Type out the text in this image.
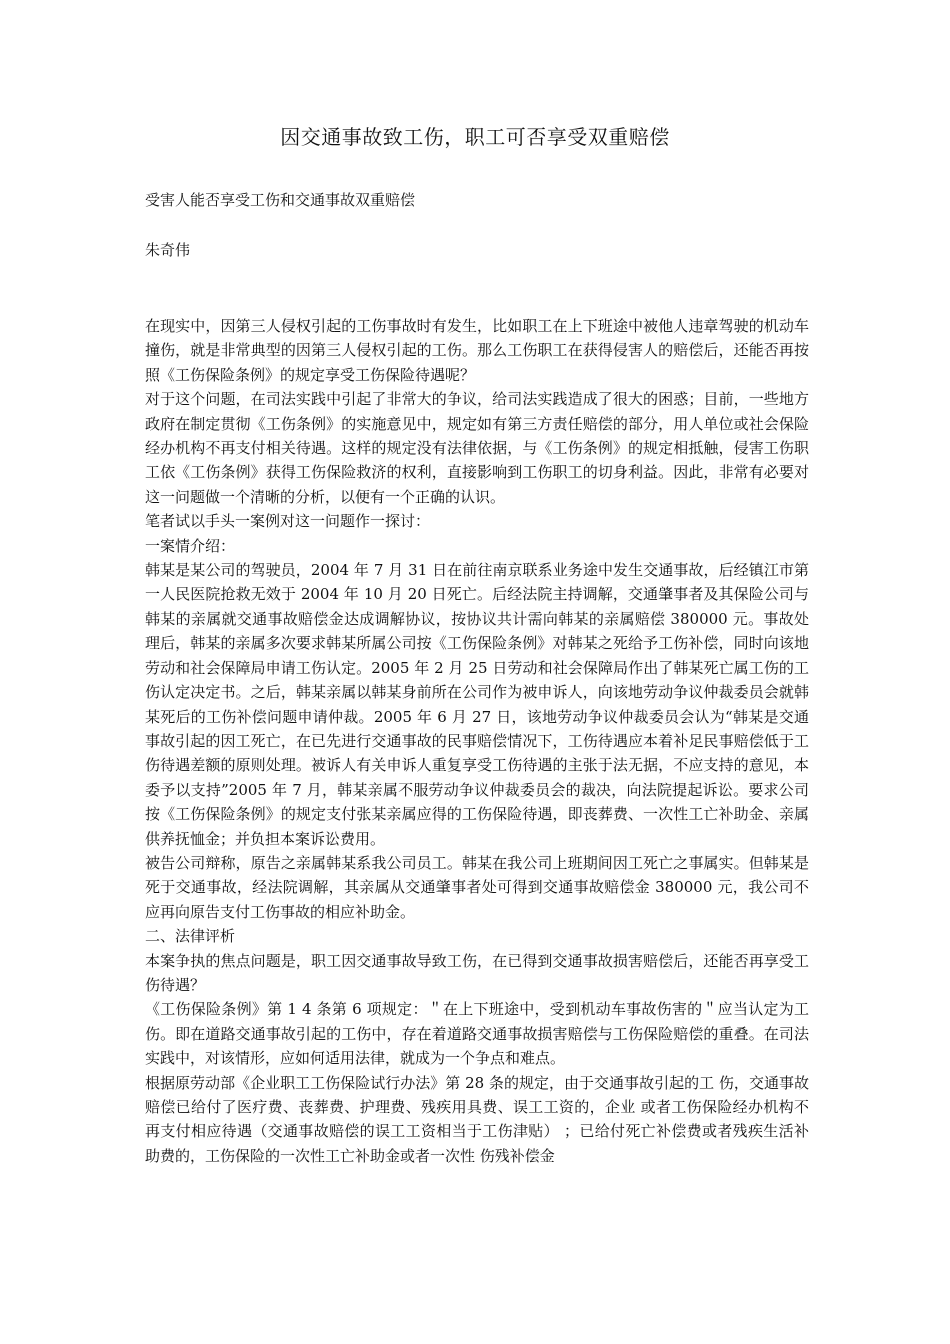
因交通事故致工伤，职工可否享受双重赔偿
受害人能否享受工伤和交通事故双重赔偿
朱奇伟

在现实中，因第三人侵权引起的工伤事故时有发生，比如职工在上下班途中被他人违章驾驶的机动车撞伤，就是非常典型的因第三人侵权引起的工伤。那么工伤职工在获得侵害人的赔偿后，还能否再按照《工伤保险条例》的规定享受工伤保险待遇呢？

对于这个问题，在司法实践中引起了非常大的争议，给司法实践造成了很大的困惑；目前，一些地方政府在制定贯彻《工伤条例》的实施意见中，规定如有第三方责任赔偿的部分，用人单位或社会保险经办机构不再支付相关待遇。这样的规定没有法律依据，与《工伤条例》的规定相抵触，侵害工伤职工依《工伤条例》获得工伤保险救济的权利，直接影响到工伤职工的切身利益。因此，非常有必要对这一问题做一个清晰的分析，以便有一个正确的认识。

笔者试以手头一案例对这一问题作一探讨：

一案情介绍：

韩某是某公司的驾驶员，2004 年 7 月 31 日在前往南京联系业务途中发生交通事故，后经镇江市第一人民医院抢救无效于 2004 年 10 月 20 日死亡。后经法院主持调解，交通肇事者及其保险公司与韩某的亲属就交通事故赔偿金达成调解协议，按协议共计需向韩某的亲属赔偿 380000 元。事故处理后，韩某的亲属多次要求韩某所属公司按《工伤保险条例》对韩某之死给予工伤补偿，同时向该地劳动和社会保障局申请工伤认定。2005 年 2 月 25 日劳动和社会保障局作出了韩某死亡属工伤的工伤认定决定书。之后，韩某亲属以韩某身前所在公司作为被申诉人，向该地劳动争议仲裁委员会就韩某死后的工伤补偿问题申请仲裁。2005 年 6 月 27 日，该地劳动争议仲裁委员会认为“韩某是交通事故引起的因工死亡，在已先进行交通事故的民事赔偿情况下，工伤待遇应本着补足民事赔偿低于工伤待遇差额的原则处理。被诉人有关申诉人重复享受工伤待遇的主张于法无据，不应支持的意见，本委予以支持”2005 年 7 月，韩某亲属不服劳动争议仲裁委员会的裁决，向法院提起诉讼。要求公司按《工伤保险条例》的规定支付张某亲属应得的工伤保险待遇，即丧葬费、一次性工亡补助金、亲属供养抚恤金；并负担本案诉讼费用。

被告公司辩称，原告之亲属韩某系我公司员工。韩某在我公司上班期间因工死亡之事属实。但韩某是死于交通事故，经法院调解，其亲属从交通肇事者处可得到交通事故赔偿金 380000 元，我公司不应再向原告支付工伤事故的相应补助金。

二、法律评析

本案争执的焦点问题是，职工因交通事故导致工伤，在已得到交通事故损害赔偿后，还能否再享受工伤待遇？

《工伤保险条例》第 1 4 条第 6 项规定：＂在上下班途中，受到机动车事故伤害的＂应当认定为工伤。即在道路交通事故引起的工伤中，存在着道路交通事故损害赔偿与工伤保险赔偿的重叠。在司法实践中，对该情形，应如何适用法律，就成为一个争点和难点。

根据原劳动部《企业职工工伤保险试行办法》第 28 条的规定，由于交通事故引起的工 伤，交通事故赔偿已给付了医疗费、丧葬费、护理费、残疾用具费、误工工资的，企业 或者工伤保险经办机构不再支付相应待遇（交通事故赔偿的误工工资相当于工伤津贴） ；已给付死亡补偿费或者残疾生活补助费的，工伤保险的一次性工亡补助金或者一次性 伤残补偿金
